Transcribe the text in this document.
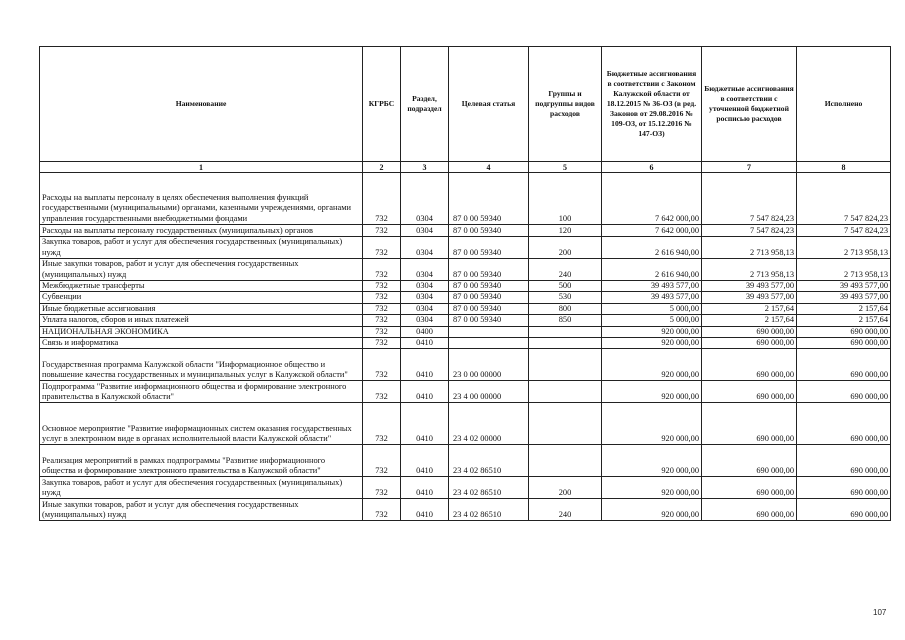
Наименование	КГРБС	Раздел, подраздел	Целевая статья	Группы и подгруппы видов расходов	Бюджетные ассигнования в соответствии с Законом Калужской области от 18.12.2015 № 36-ОЗ (в ред. Законов от 29.08.2016 № 109-ОЗ, от 15.12.2016 № 147-ОЗ)	Бюджетные ассигнования в соответствии с уточненной бюджетной росписью расходов	Исполнено
1	2	3	4	5	6	7	8
Расходы на выплаты персоналу в целях обеспечения выполнения функций государственными (муниципальными) органами, казенными учреждениями, органами управления государственными внебюджетными фондами	732	0304	87 0 00 59340	100	7 642 000,00	7 547 824,23	7 547 824,23
Расходы на выплаты персоналу государственных (муниципальных) органов	732	0304	87 0 00 59340	120	7 642 000,00	7 547 824,23	7 547 824,23
Закупка товаров, работ и услуг для обеспечения государственных (муниципальных) нужд	732	0304	87 0 00 59340	200	2 616 940,00	2 713 958,13	2 713 958,13
Иные закупки товаров, работ и услуг для обеспечения государственных (муниципальных) нужд	732	0304	87 0 00 59340	240	2 616 940,00	2 713 958,13	2 713 958,13
Межбюджетные трансферты	732	0304	87 0 00 59340	500	39 493 577,00	39 493 577,00	39 493 577,00
Субвенции	732	0304	87 0 00 59340	530	39 493 577,00	39 493 577,00	39 493 577,00
Иные бюджетные ассигнования	732	0304	87 0 00 59340	800	5 000,00	2 157,64	2 157,64
Уплата налогов, сборов и иных платежей	732	0304	87 0 00 59340	850	5 000,00	2 157,64	2 157,64
НАЦИОНАЛЬНАЯ ЭКОНОМИКА	732	0400			920 000,00	690 000,00	690 000,00
Связь и информатика	732	0410			920 000,00	690 000,00	690 000,00
Государственная программа Калужской области "Информационное общество и повышение качества государственных и муниципальных услуг в Калужской области"	732	0410	23 0 00 00000		920 000,00	690 000,00	690 000,00
Подпрограмма "Развитие информационного общества и формирование электронного правительства в Калужской области"	732	0410	23 4 00 00000		920 000,00	690 000,00	690 000,00
Основное мероприятие "Развитие информационных систем оказания государственных услуг в электронном виде в органах исполнительной власти Калужской области"	732	0410	23 4 02 00000		920 000,00	690 000,00	690 000,00
Реализация мероприятий в рамках подпрограммы "Развитие информационного общества и формирование электронного правительства в Калужской области"	732	0410	23 4 02 86510		920 000,00	690 000,00	690 000,00
Закупка товаров, работ и услуг для обеспечения государственных (муниципальных) нужд	732	0410	23 4 02 86510	200	920 000,00	690 000,00	690 000,00
Иные закупки товаров, работ и услуг для обеспечения государственных (муниципальных) нужд	732	0410	23 4 02 86510	240	920 000,00	690 000,00	690 000,00
107
